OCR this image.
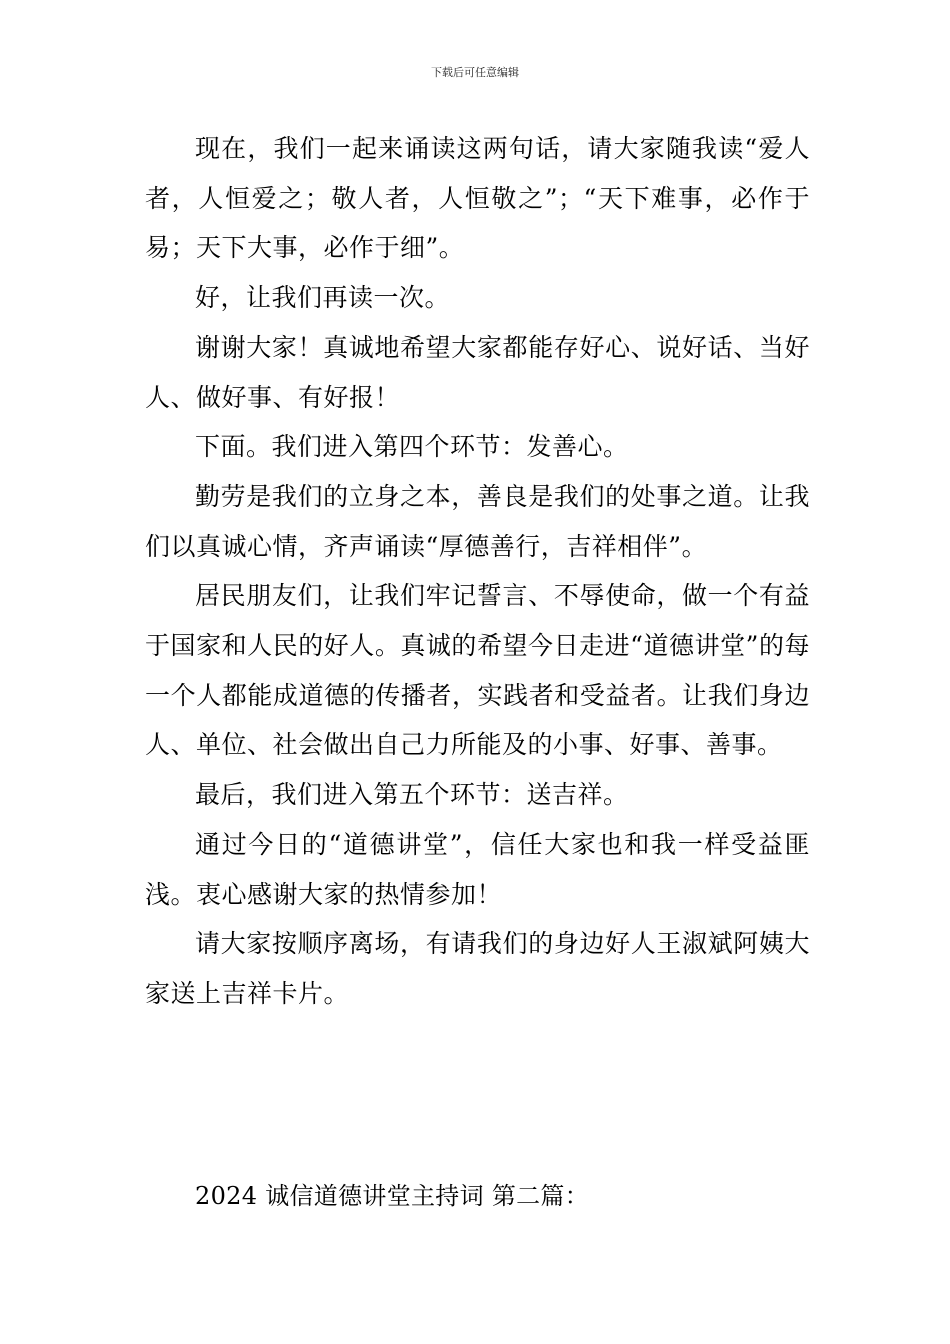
下载后可任意编辑

现在，我们一起来诵读这两句话，请大家随我读“爱人者，人恒爱之；敬人者，人恒敬之”；“天下难事，必作于易；天下大事，必作于细”。

好，让我们再读一次。

谢谢大家！真诚地希望大家都能存好心、说好话、当好人、做好事、有好报！

下面。我们进入第四个环节：发善心。

勤劳是我们的立身之本，善良是我们的处事之道。让我们以真诚心情，齐声诵读“厚德善行，吉祥相伴”。

居民朋友们，让我们牢记誓言、不辱使命，做一个有益于国家和人民的好人。真诚的希望今日走进“道德讲堂”的每一个人都能成道德的传播者，实践者和受益者。让我们身边人、单位、社会做出自己力所能及的小事、好事、善事。

最后，我们进入第五个环节：送吉祥。

通过今日的“道德讲堂”，信任大家也和我一样受益匪浅。衷心感谢大家的热情参加！

请大家按顺序离场，有请我们的身边好人王淑斌阿姨大家送上吉祥卡片。

2024 诚信道德讲堂主持词 第二篇：
